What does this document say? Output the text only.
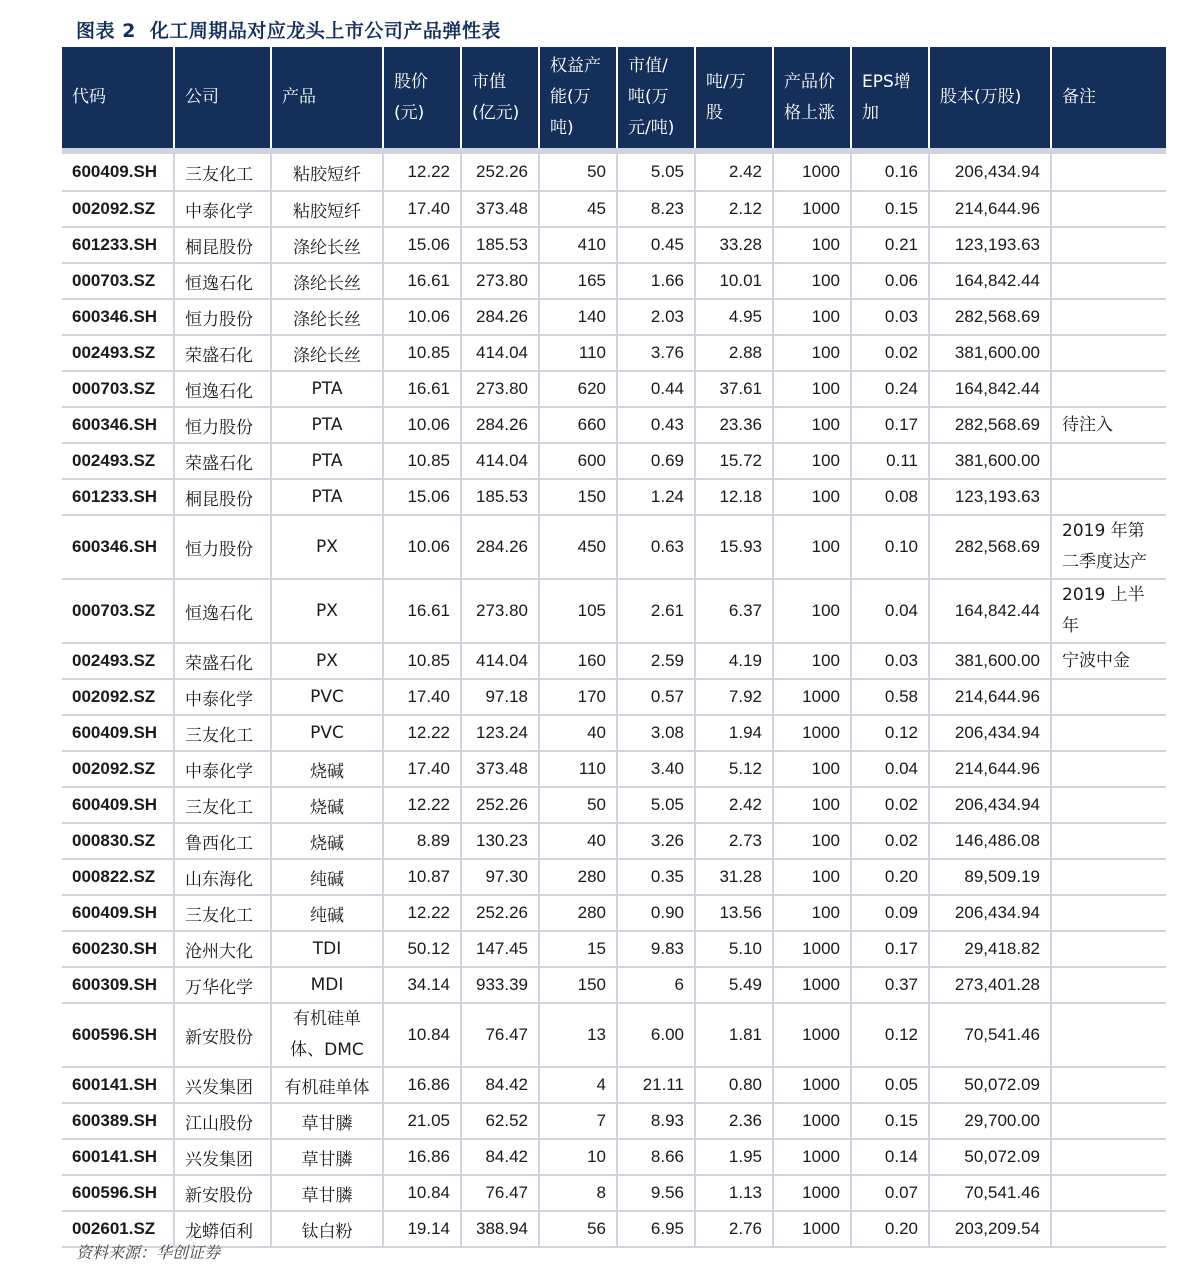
图表 2 化工周期品对应龙头上市公司产品弹性表
代码	公司	产品	股价(元)	市值(亿元)	权益产能(万吨)	市值/吨(万元/吨)	吨/万股	产品价格上涨	EPS增加	股本(万股)	备注
600409.SH	三友化工	粘胶短纤	12.22	252.26	50	5.05	2.42	1000	0.16	206,434.94	
002092.SZ	中泰化学	粘胶短纤	17.40	373.48	45	8.23	2.12	1000	0.15	214,644.96	
601233.SH	桐昆股份	涤纶长丝	15.06	185.53	410	0.45	33.28	100	0.21	123,193.63	
000703.SZ	恒逸石化	涤纶长丝	16.61	273.80	165	1.66	10.01	100	0.06	164,842.44	
600346.SH	恒力股份	涤纶长丝	10.06	284.26	140	2.03	4.95	100	0.03	282,568.69	
002493.SZ	荣盛石化	涤纶长丝	10.85	414.04	110	3.76	2.88	100	0.02	381,600.00	
000703.SZ	恒逸石化	PTA	16.61	273.80	620	0.44	37.61	100	0.24	164,842.44	
600346.SH	恒力股份	PTA	10.06	284.26	660	0.43	23.36	100	0.17	282,568.69	待注入
002493.SZ	荣盛石化	PTA	10.85	414.04	600	0.69	15.72	100	0.11	381,600.00	
601233.SH	桐昆股份	PTA	15.06	185.53	150	1.24	12.18	100	0.08	123,193.63	
600346.SH	恒力股份	PX	10.06	284.26	450	0.63	15.93	100	0.10	282,568.69	2019 年第二季度达产
000703.SZ	恒逸石化	PX	16.61	273.80	105	2.61	6.37	100	0.04	164,842.44	2019 上半年
002493.SZ	荣盛石化	PX	10.85	414.04	160	2.59	4.19	100	0.03	381,600.00	宁波中金
002092.SZ	中泰化学	PVC	17.40	97.18	170	0.57	7.92	1000	0.58	214,644.96	
600409.SH	三友化工	PVC	12.22	123.24	40	3.08	1.94	1000	0.12	206,434.94	
002092.SZ	中泰化学	烧碱	17.40	373.48	110	3.40	5.12	100	0.04	214,644.96	
600409.SH	三友化工	烧碱	12.22	252.26	50	5.05	2.42	100	0.02	206,434.94	
000830.SZ	鲁西化工	烧碱	8.89	130.23	40	3.26	2.73	100	0.02	146,486.08	
000822.SZ	山东海化	纯碱	10.87	97.30	280	0.35	31.28	100	0.20	89,509.19	
600409.SH	三友化工	纯碱	12.22	252.26	280	0.90	13.56	100	0.09	206,434.94	
600230.SH	沧州大化	TDI	50.12	147.45	15	9.83	5.10	1000	0.17	29,418.82	
600309.SH	万华化学	MDI	34.14	933.39	150	6	5.49	1000	0.37	273,401.28	
600596.SH	新安股份	有机硅单体、DMC	10.84	76.47	13	6.00	1.81	1000	0.12	70,541.46	
600141.SH	兴发集团	有机硅单体	16.86	84.42	4	21.11	0.80	1000	0.05	50,072.09	
600389.SH	江山股份	草甘膦	21.05	62.52	7	8.93	2.36	1000	0.15	29,700.00	
600141.SH	兴发集团	草甘膦	16.86	84.42	10	8.66	1.95	1000	0.14	50,072.09	
600596.SH	新安股份	草甘膦	10.84	76.47	8	9.56	1.13	1000	0.07	70,541.46	
002601.SZ	龙蟒佰利	钛白粉	19.14	388.94	56	6.95	2.76	1000	0.20	203,209.54	
资料来源：华创证券
